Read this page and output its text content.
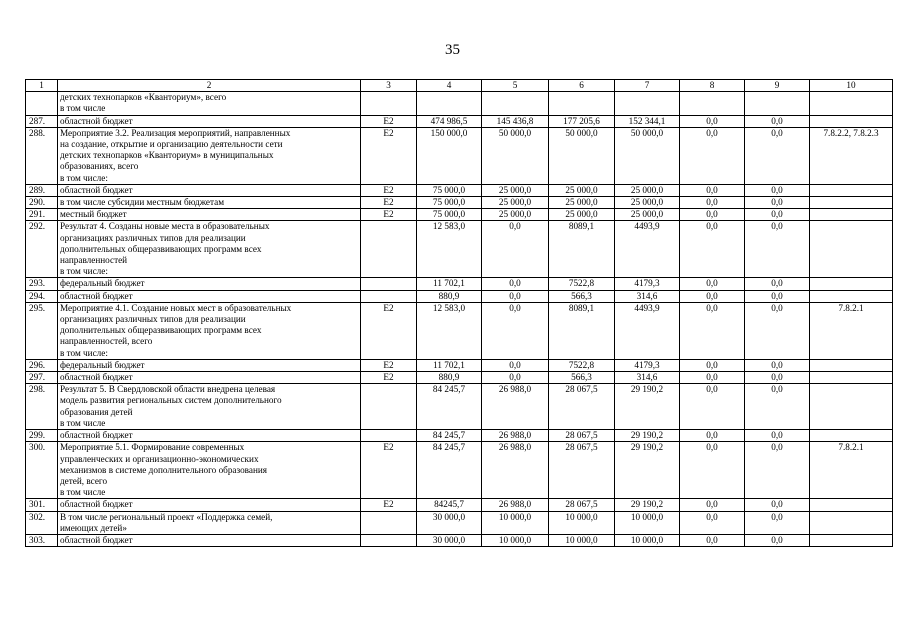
35
1	2	3	4	5	6	7	8	9	10
	детских технопарков «Кванториум», всего
в том числе								
287.	областной бюджет	Е2	474 986,5	145 436,8	177 205,6	152 344,1	0,0	0,0	
288.	Мероприятие 3.2. Реализация мероприятий, направленных
на создание, открытие и организацию деятельности сети
детских технопарков «Кванториум» в муниципальных
образованиях, всего
в том числе:	Е2	150 000,0	50 000,0	50 000,0	50 000,0	0,0	0,0	7.8.2.2, 7.8.2.3
289.	областной бюджет	Е2	75 000,0	25 000,0	25 000,0	25 000,0	0,0	0,0	
290.	в том числе субсидии местным бюджетам	Е2	75 000,0	25 000,0	25 000,0	25 000,0	0,0	0,0	
291.	местный бюджет	Е2	75 000,0	25 000,0	25 000,0	25 000,0	0,0	0,0	
292.	Результат 4. Созданы новые места в образовательных
организациях различных типов для реализации
дополнительных общеразвивающих программ всех
направленностей
в том числе:		12 583,0	0,0	8089,1	4493,9	0,0	0,0	
293.	федеральный бюджет		11 702,1	0,0	7522,8	4179,3	0,0	0,0	
294.	областной бюджет		880,9	0,0	566,3	314,6	0,0	0,0	
295.	Мероприятие 4.1. Создание новых мест в образовательных
организациях различных типов для реализации
дополнительных общеразвивающих программ всех
направленностей, всего
в том числе:	Е2	12 583,0	0,0	8089,1	4493,9	0,0	0,0	7.8.2.1
296.	федеральный бюджет	Е2	11 702,1	0,0	7522,8	4179,3	0,0	0,0	
297.	областной бюджет	Е2	880,9	0,0	566,3	314,6	0,0	0,0	
298.	Результат 5. В Свердловской области внедрена целевая
модель развития региональных систем дополнительного
образования детей
в том числе		84 245,7	26 988,0	28 067,5	29 190,2	0,0	0,0	
299.	областной бюджет		84 245,7	26 988,0	28 067,5	29 190,2	0,0	0,0	
300.	Мероприятие 5.1. Формирование современных
управленческих и организационно-экономических
механизмов в системе дополнительного образования
детей, всего
в том числе	Е2	84 245,7	26 988,0	28 067,5	29 190,2	0,0	0,0	7.8.2.1
301.	областной бюджет	Е2	84245,7	26 988,0	28 067,5	29 190,2	0,0	0,0	
302.	В том числе региональный проект «Поддержка семей,
имеющих детей»		30 000,0	10 000,0	10 000,0	10 000,0	0,0	0,0	
303.	областной бюджет		30 000,0	10 000,0	10 000,0	10 000,0	0,0	0,0	
